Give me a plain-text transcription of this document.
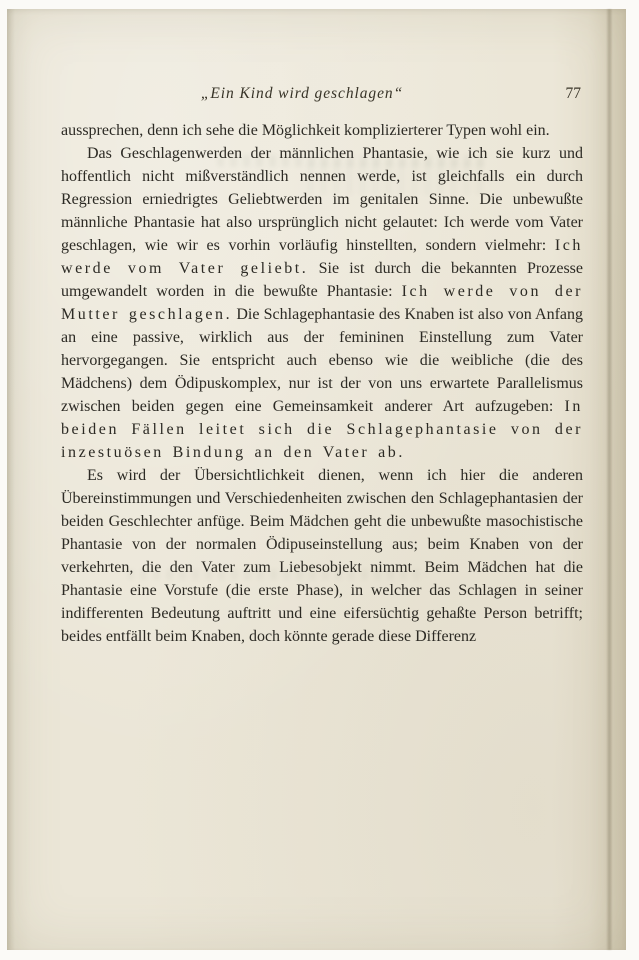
„Ein Kind wird geschlagen“	77

aussprechen, denn ich sehe die Möglichkeit komplizierterer Typen wohl ein.

Das Geschlagenwerden der männlichen Phantasie, wie ich sie kurz und hoffentlich nicht mißverständlich nennen werde, ist gleichfalls ein durch Regression erniedrigtes Geliebtwerden im genitalen Sinne. Die unbewußte männliche Phantasie hat also ursprünglich nicht gelautet: Ich werde vom Vater geschlagen, wie wir es vorhin vorläufig hinstellten, sondern vielmehr: Ich werde vom Vater geliebt. Sie ist durch die bekannten Prozesse umgewandelt worden in die bewußte Phantasie: Ich werde von der Mutter geschlagen. Die Schlagephantasie des Knaben ist also von Anfang an eine passive, wirklich aus der femininen Einstellung zum Vater hervorgegangen. Sie entspricht auch ebenso wie die weibliche (die des Mädchens) dem Ödipuskomplex, nur ist der von uns erwartete Parallelismus zwischen beiden gegen eine Gemeinsamkeit anderer Art aufzugeben: In beiden Fällen leitet sich die Schlagephantasie von der inzestuösen Bindung an den Vater ab.

Es wird der Übersichtlichkeit dienen, wenn ich hier die anderen Übereinstimmungen und Verschiedenheiten zwischen den Schlagephantasien der beiden Geschlechter anfüge. Beim Mädchen geht die unbewußte masochistische Phantasie von der normalen Ödipuseinstellung aus; beim Knaben von der verkehrten, die den Vater zum Liebesobjekt nimmt. Beim Mädchen hat die Phantasie eine Vorstufe (die erste Phase), in welcher das Schlagen in seiner indifferenten Bedeutung auftritt und eine eifersüchtig gehaßte Person betrifft; beides entfällt beim Knaben, doch könnte gerade diese Differenz
